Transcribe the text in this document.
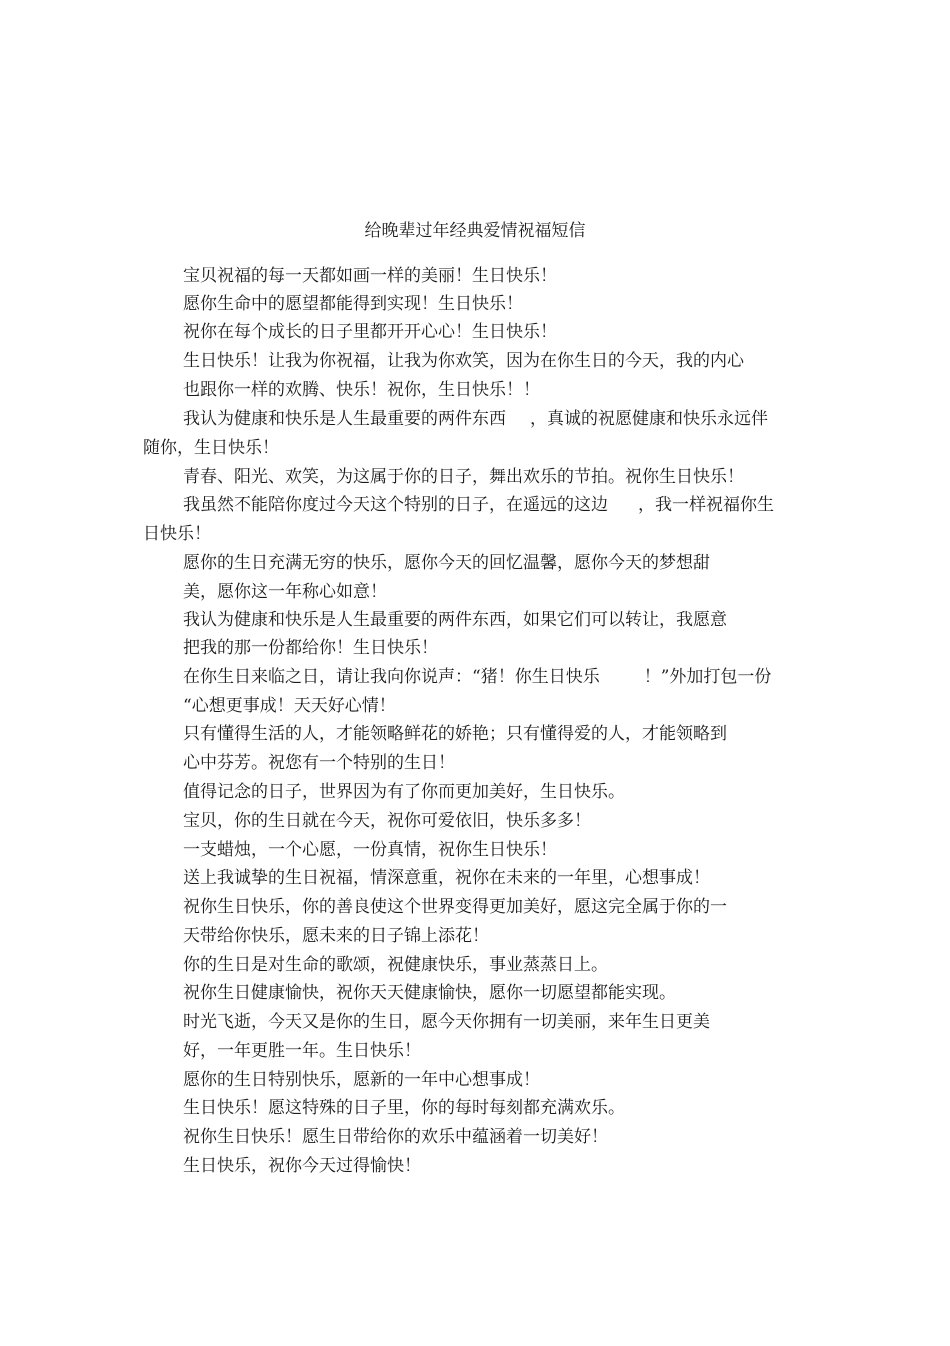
给晚辈过年经典爱情祝福短信
宝贝祝福的每一天都如画一样的美丽！生日快乐！
愿你生命中的愿望都能得到实现！生日快乐！
祝你在每个成长的日子里都开开心心！生日快乐！
生日快乐！让我为你祝福，让我为你欢笑，因为在你生日的今天，我的内心
也跟你一样的欢腾、快乐！祝你，生日快乐！！
我认为健康和快乐是人生最重要的两件东西 ，真诚的祝愿健康和快乐永远伴
随你，生日快乐！
青春、阳光、欢笑，为这属于你的日子，舞出欢乐的节拍。祝你生日快乐！
我虽然不能陪你度过今天这个特别的日子，在遥远的这边 ，我一样祝福你生
日快乐！
愿你的生日充满无穷的快乐，愿你今天的回忆温馨，愿你今天的梦想甜
美，愿你这一年称心如意！
我认为健康和快乐是人生最重要的两件东西，如果它们可以转让，我愿意
把我的那一份都给你！生日快乐！
在你生日来临之日，请让我向你说声：“猪！你生日快乐	！”外加打包一份
“心想更事成！天天好心情！
只有懂得生活的人，才能领略鲜花的娇艳；只有懂得爱的人，才能领略到
心中芬芳。祝您有一个特别的生日！
值得记念的日子，世界因为有了你而更加美好，生日快乐。
宝贝，你的生日就在今天，祝你可爱依旧，快乐多多！
一支蜡烛，一个心愿，一份真情，祝你生日快乐！
送上我诚挚的生日祝福，情深意重，祝你在未来的一年里，心想事成！
祝你生日快乐，你的善良使这个世界变得更加美好，愿这完全属于你的一
天带给你快乐，愿未来的日子锦上添花！
你的生日是对生命的歌颂，祝健康快乐，事业蒸蒸日上。
祝你生日健康愉快，祝你天天健康愉快，愿你一切愿望都能实现。
时光飞逝，今天又是你的生日，愿今天你拥有一切美丽，来年生日更美
好，一年更胜一年。生日快乐！
愿你的生日特别快乐，愿新的一年中心想事成！
生日快乐！愿这特殊的日子里，你的每时每刻都充满欢乐。
祝你生日快乐！愿生日带给你的欢乐中蕴涵着一切美好！
生日快乐，祝你今天过得愉快！
